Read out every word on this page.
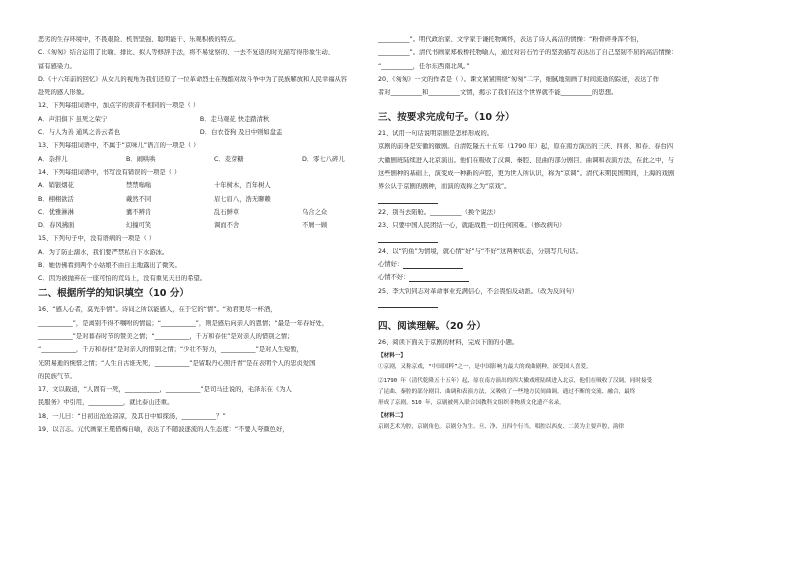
恶劣的生存环境中，不畏艰险、机智坚强、聪明能干、乐观积极的特点。
C.《匆匆》结合运用了比喻、排比、拟人等修辞手法，将不易觉察的、一去不复返的时光描写得形象生动、
富有感染力。
D.《十六年前的回忆》从女儿的视角为我们还原了一位革命烈士在残酷对敌斗争中为了民族解放和人民幸福从容
赴死的感人形象。
12、下列每组词语中，加点字的读音不相同的一项是（ ）
A．声泪俱下 虽死之荣宁	B．走马观花 快走踏清秋
C．与人为善 通风之善云者也	D．白衣苍狗 及日中则如盘盂
13、下列每组词语中，不属于“京味儿”语言的一项是（ ）
A．杂拌儿	B．闹哄哄	C．麦芽糖	D．零七八碎儿
14、下列每组词语中，书写没有错误的一项是（ ）
A．销银烟花	禁禁嗡嗡	十年树木，百年树人
B．栩栩欲活	戴然不同	眉七眉八，浩无聊赖
C．优雅淋淋	囊不辨肯	乱石鲜草	乌合之众
D．春风拂面	幻撞可笑	调而不舍	不屑一顾
15、下列句子中，没有语病的一项是（ ）
A．为了防止溺水，我们要严禁私自下水游泳。
B．她仿佛看到两个小姑娘不由自主地露出了微笑。
C．因为被抛弃在一座可怕的荒岛上，没有重见天日的希望。
二、根据所学的知识填空（10 分）
16、“感人心者，莫先乎情”。诗词之所以能感人，在于它的“情”。“劝君更尽一杯酒，
___________”，是离别不得不嘱咐的情谊；“___________”，则是感后向亲人的恩情；“最是一年春好处，
___________”是对暮春时节的赞美之情；“___________，千万和春住”是对亲人的惜别之情；
“___________，千万和春住”是对亲人的惜别之情；“少壮不努力，___________”是对人生短暂，
光阴易逝的惋惜之情；“人生自古谁无死，___________”是留取丹心照汗青”是在表明个人的忠贞爱国
的民族气节。
17、文以载道，“人固有一死，___________，___________”是司马迁说的，毛泽东在《为人
民服务》中引用，___________，就比泰山还重。
18、一儿曰：“日初出沧沧凉凉，及其日中如探汤，___________？”
19、以言志。元代画家王冕借梅自喻，表达了不随波逐流的人生态度：“不要人夸颜色好，
__________”。明代政治家、文学家于谦托物寓怀，表达了诗人高洁的情操：“粉骨碎身浑不怕，
__________”。清代书画家郑板桥托物喻人，通过对岩石竹子的坚劲描写表达出了自己坚韧不屈的高洁情操：
“__________，任尔东西南北风。”
20、《匆匆》一文的作者是（ ）。课文紧紧围绕“匆匆”二字，细腻地刻画了时间流逝的踪迹，表达了作
者对__________和__________文情，揭示了我们在这个世界就不能__________的思想。
三、按要求完成句子。（10 分）
21、试用一句话说明京剧是怎样形成的。
京剧的前身是安徽的徽剧。自清乾隆五十五年（1790 年）起，原在南方演出的三庆、四喜、和春、春台四
大徽剧班陆续进入北京演出。他们在吸收了汉调、秦腔、昆曲的部分剧目、曲调和表演方法，在此之中，与
这些剧种的基础上，演变成一种新的声腔，更为世人所认识，称为“京调”。清代末期民国期间，上海的戏剧
界公认于京剧的剧种，而演的戏称之为“京戏”。
22、别当去陷舱。__________（换个说法）
23、只要中国人民团结一心，就能战胜一切任何困难。（修改病句）
24、以“钓鱼”为情境，就心情“好”与“不好”这两种状态，分别写几句话。
心情好：
心情不好：
25、李大钊同志对革命事业充满信心，不会畏怕反动派。（改为反问句）
四、阅读理解。（20 分）
26、阅读下面关于京剧的材料，完成下面的小题。
【材料一】
①京剧，又称京戏，“中国国粹”之一，是中国影响力最大的戏曲剧种，深受国人喜爱。
②1790 年（清代乾隆五十五年）起，原在南方演出的四大徽戏班陆续进入北京，他们在吸收了汉调，同时接受
了昆曲、秦腔的部分剧目、曲调和表演方法，又吸收了一些地方民间曲调，通过不断的交流、融合，最终
形成了京剧。510 年，京剧被列入联合国教科文组织非物质文化遗产名录。
【材料二】
京剧艺术为腔，京剧角色。京剧分为生、旦、净、丑四个行当。唱腔以西皮、二黄为主要声腔，韵律
